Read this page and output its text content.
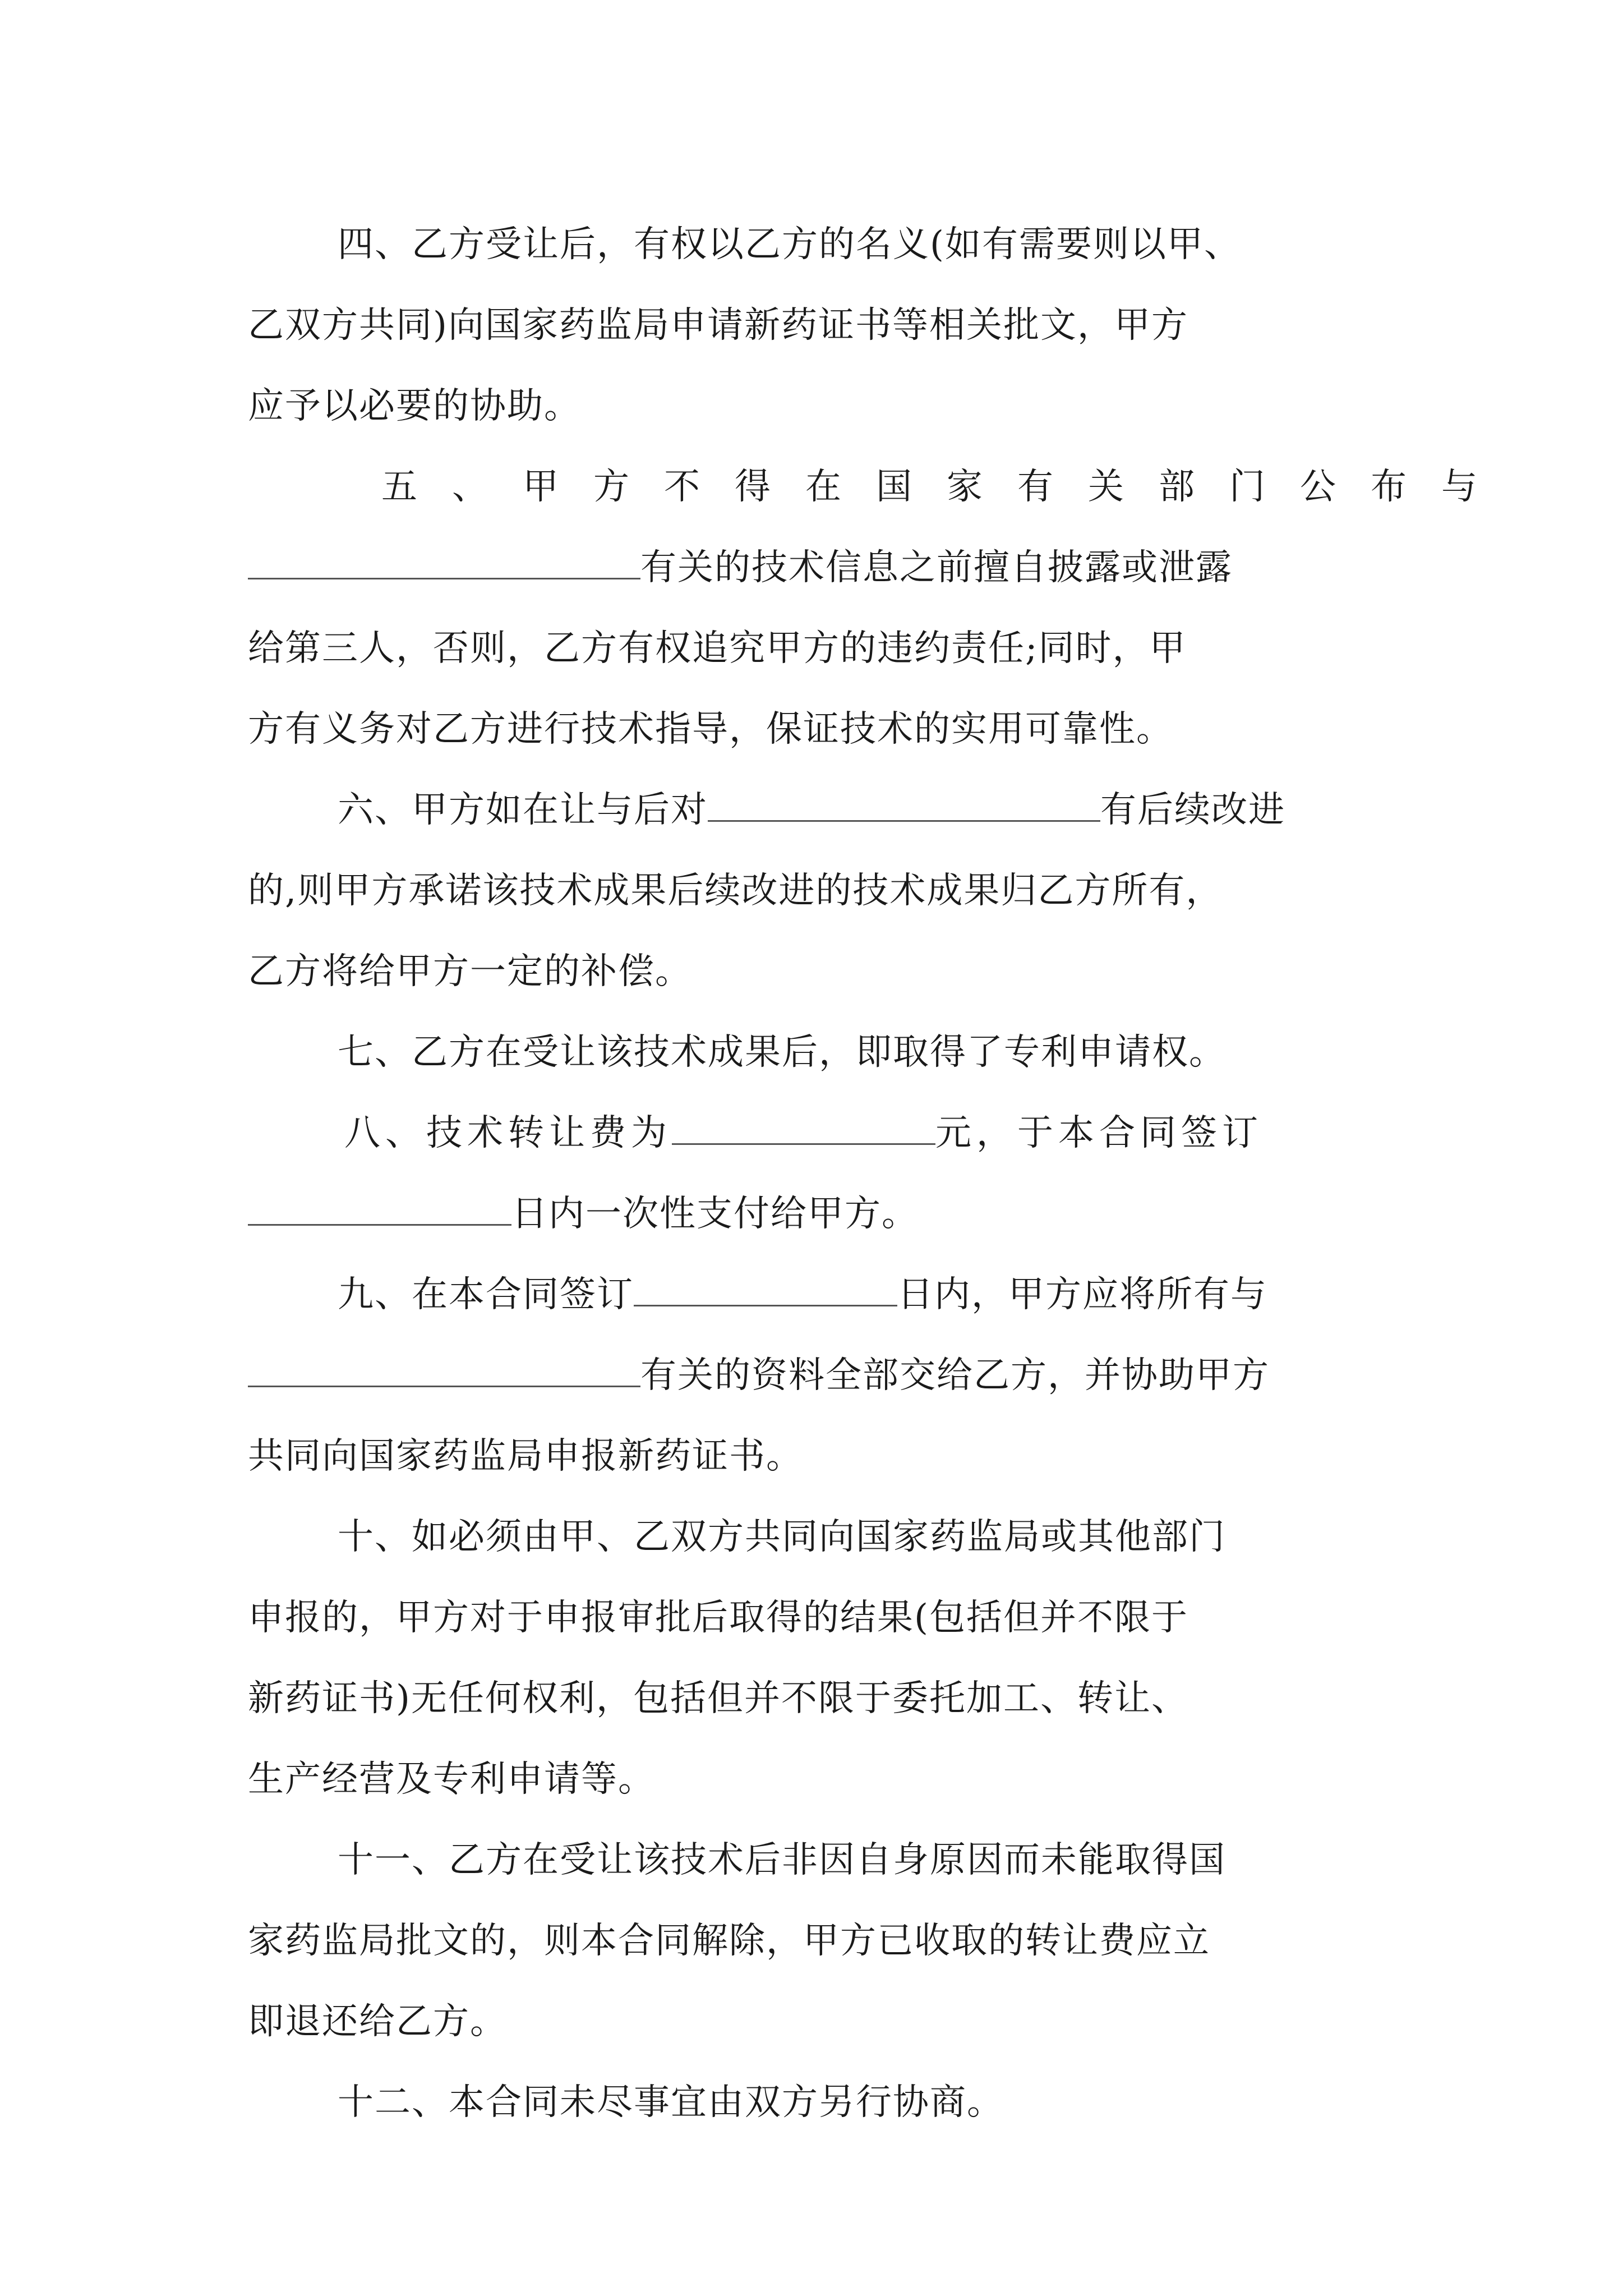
四、乙方受让后，有权以乙方的名义(如有需要则以甲、
乙双方共同)向国家药监局申请新药证书等相关批文，甲方
应予以必要的协助。
五、甲方不得在国家有关部门公布与
有关的技术信息之前擅自披露或泄露
给第三人，否则，乙方有权追究甲方的违约责任;同时，甲
方有义务对乙方进行技术指导，保证技术的实用可靠性。
六、甲方如在让与后对	有后续改进
的,则甲方承诺该技术成果后续改进的技术成果归乙方所有，
乙方将给甲方一定的补偿。
七、乙方在受让该技术成果后，即取得了专利申请权。
八、技术转让费为	元，于本合同签订
日内一次性支付给甲方。
九、在本合同签订	日内，甲方应将所有与
有关的资料全部交给乙方，并协助甲方
共同向国家药监局申报新药证书。
十、如必须由甲、乙双方共同向国家药监局或其他部门
申报的，甲方对于申报审批后取得的结果(包括但并不限于
新药证书)无任何权利，包括但并不限于委托加工、转让、
生产经营及专利申请等。
十一、乙方在受让该技术后非因自身原因而未能取得国
家药监局批文的，则本合同解除，甲方已收取的转让费应立
即退还给乙方。
十二、本合同未尽事宜由双方另行协商。
